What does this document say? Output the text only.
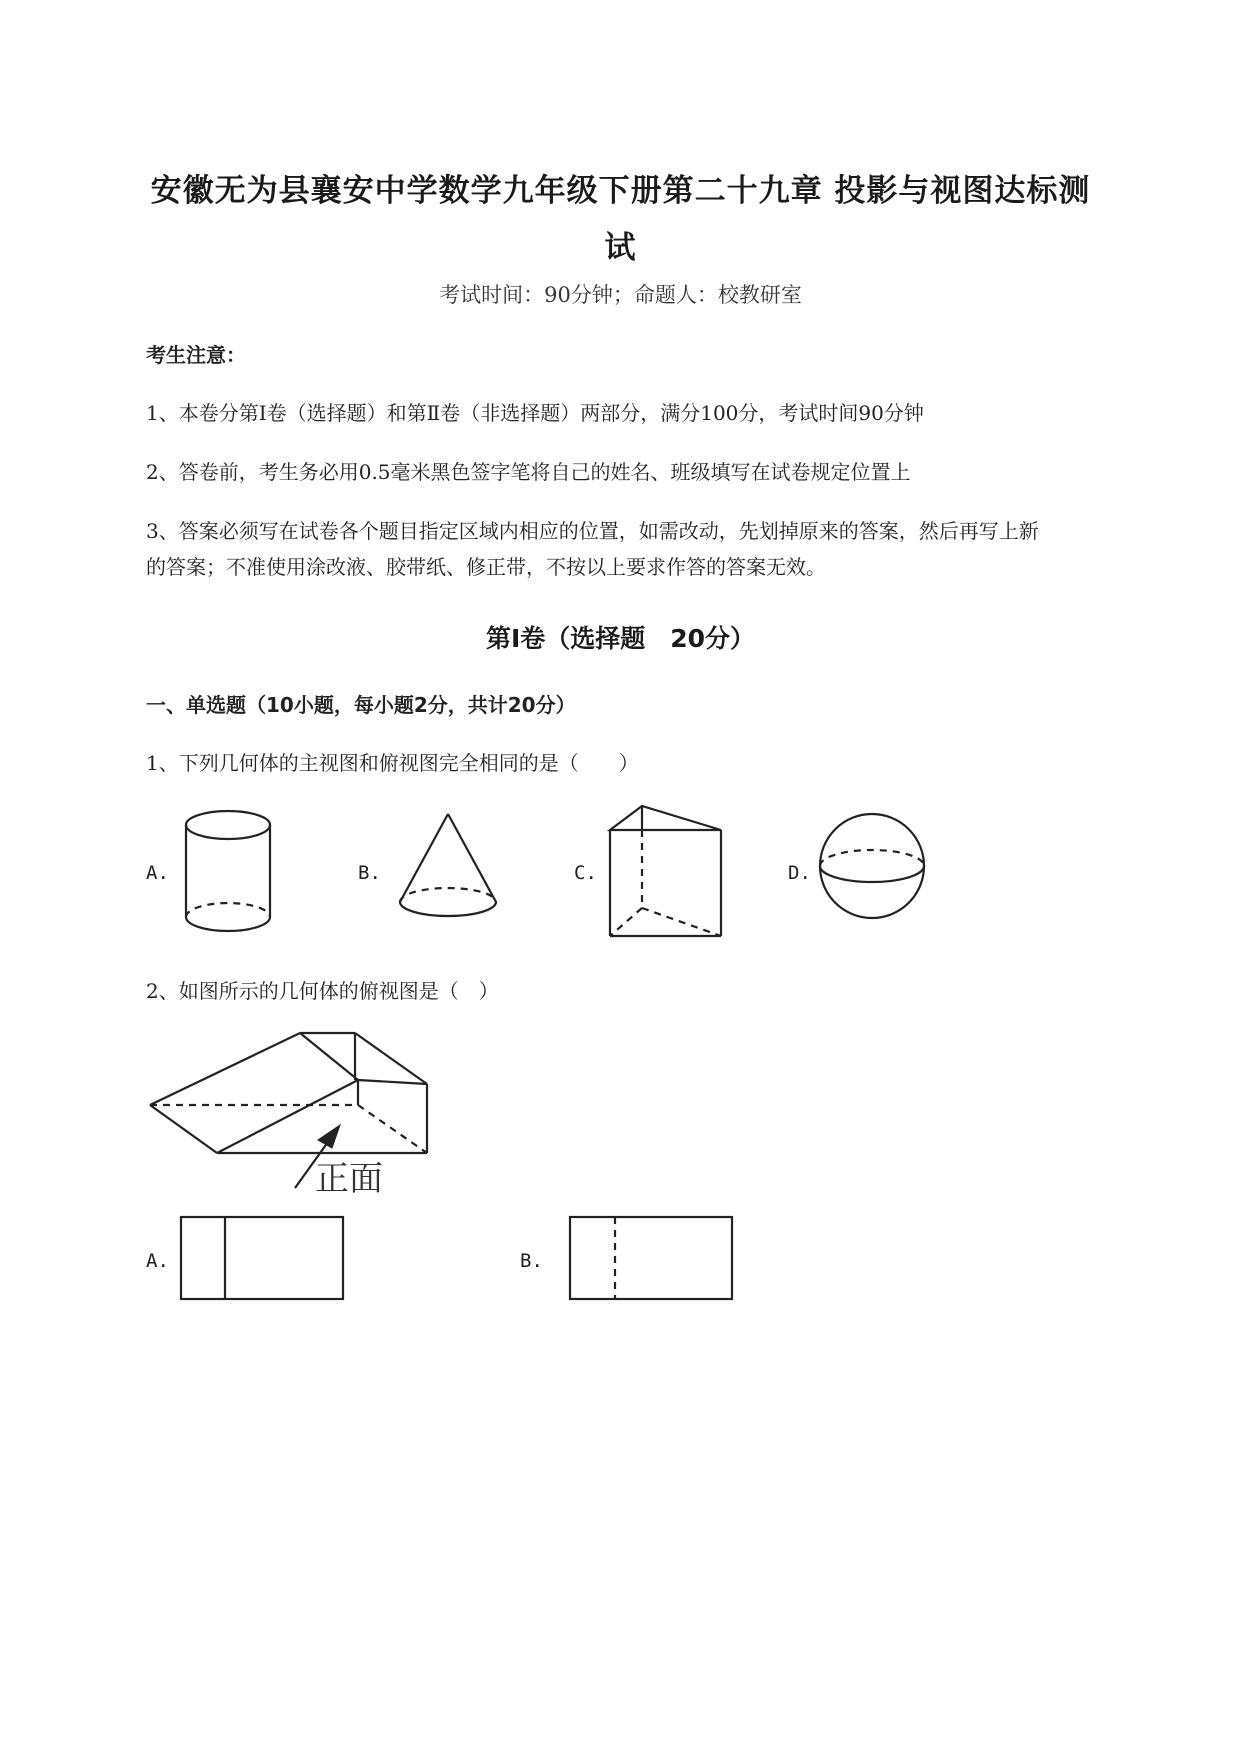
安徽无为县襄安中学数学九年级下册第二十九章 投影与视图达标测
试
考试时间：90分钟；命题人：校教研室
考生注意：
1、本卷分第Ⅰ卷（选择题）和第Ⅱ卷（非选择题）两部分，满分100分，考试时间90分钟
2、答卷前，考生务必用0.5毫米黑色签字笔将自己的姓名、班级填写在试卷规定位置上
3、答案必须写在试卷各个题目指定区域内相应的位置，如需改动，先划掉原来的答案，然后再写上新
的答案；不准使用涂改液、胶带纸、修正带，不按以上要求作答的答案无效。
第Ⅰ卷（选择题　20分）
一、单选题（10小题，每小题2分，共计20分）
1、下列几何体的主视图和俯视图完全相同的是（　　）
A.	B.	C.	D.
2、如图所示的几何体的俯视图是（　）
正面
A.	B.
